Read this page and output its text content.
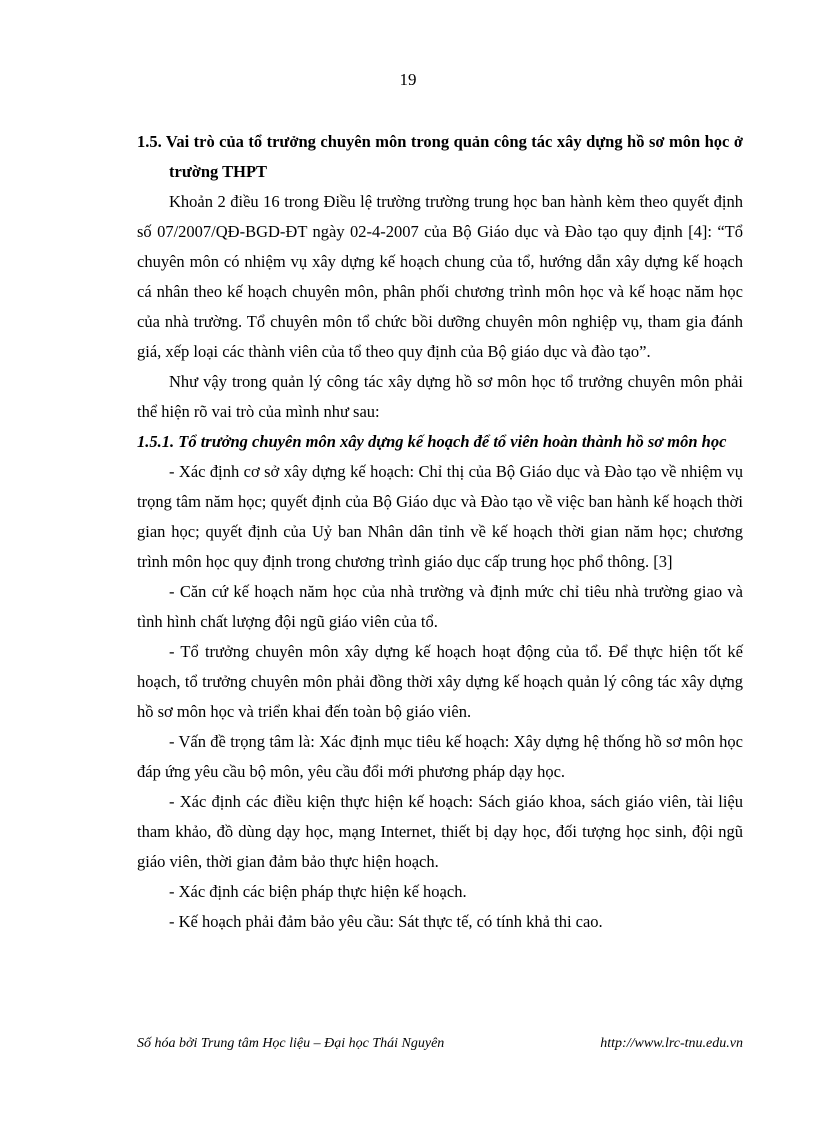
19

1.5. Vai trò của tổ trưởng chuyên môn trong quản công tác xây dựng hồ sơ môn học ở trường THPT

Khoản 2 điều 16 trong Điều lệ trường trường trung học ban hành kèm theo quyết định số 07/2007/QĐ-BGD-ĐT ngày 02-4-2007 của Bộ Giáo dục và Đào tạo quy định [4]: “Tổ chuyên môn có nhiệm vụ xây dựng kế hoạch chung của tổ, hướng dẫn xây dựng kế hoạch cá nhân theo kế hoạch chuyên môn, phân phối chương trình môn học và kế hoạc năm học của nhà trường. Tổ chuyên môn tổ chức bồi dưỡng chuyên môn nghiệp vụ, tham gia đánh giá, xếp loại các thành viên của tổ theo quy định của Bộ giáo dục và đào tạo”.

Như vậy trong quản lý công tác xây dựng hồ sơ môn học tổ trưởng chuyên môn phải thể hiện rõ vai trò của mình như sau:

1.5.1. Tổ trưởng chuyên môn xây dựng kế hoạch để tổ viên hoàn thành hồ sơ môn học

- Xác định cơ sở xây dựng kế hoạch: Chỉ thị của Bộ Giáo dục và Đào tạo về nhiệm vụ trọng tâm năm học; quyết định của Bộ Giáo dục và Đào tạo về việc ban hành kế hoạch thời gian học; quyết định của Uỷ ban Nhân dân tỉnh về kế hoạch thời gian năm học; chương trình môn học quy định trong chương trình giáo dục cấp trung học phổ thông. [3]

- Căn cứ kế hoạch năm học của nhà trường và định mức chỉ tiêu nhà trường giao và tình hình chất lượng đội ngũ giáo viên của tổ.

- Tổ trưởng chuyên môn xây dựng kế hoạch hoạt động của tổ. Để thực hiện tốt kế hoạch, tổ trưởng chuyên môn phải đồng thời xây dựng kế hoạch quản lý công tác xây dựng hồ sơ môn học và triển khai đến toàn bộ giáo viên.

- Vấn đề trọng tâm là: Xác định mục tiêu kế hoạch: Xây dựng hệ thống hồ sơ môn học đáp ứng yêu cầu bộ môn, yêu cầu đổi mới phương pháp dạy học.

- Xác định các điều kiện thực hiện kế hoạch: Sách giáo khoa, sách giáo viên, tài liệu tham khảo, đồ dùng dạy học, mạng Internet, thiết bị dạy học, đối tượng học sinh, đội ngũ giáo viên, thời gian đảm bảo thực hiện hoạch.

- Xác định các biện pháp thực hiện kế hoạch.

- Kế hoạch phải đảm bảo yêu cầu: Sát thực tế, có tính khả thi cao.

Số hóa bởi Trung tâm Học liệu – Đại học Thái Nguyên	http://www.lrc-tnu.edu.vn
